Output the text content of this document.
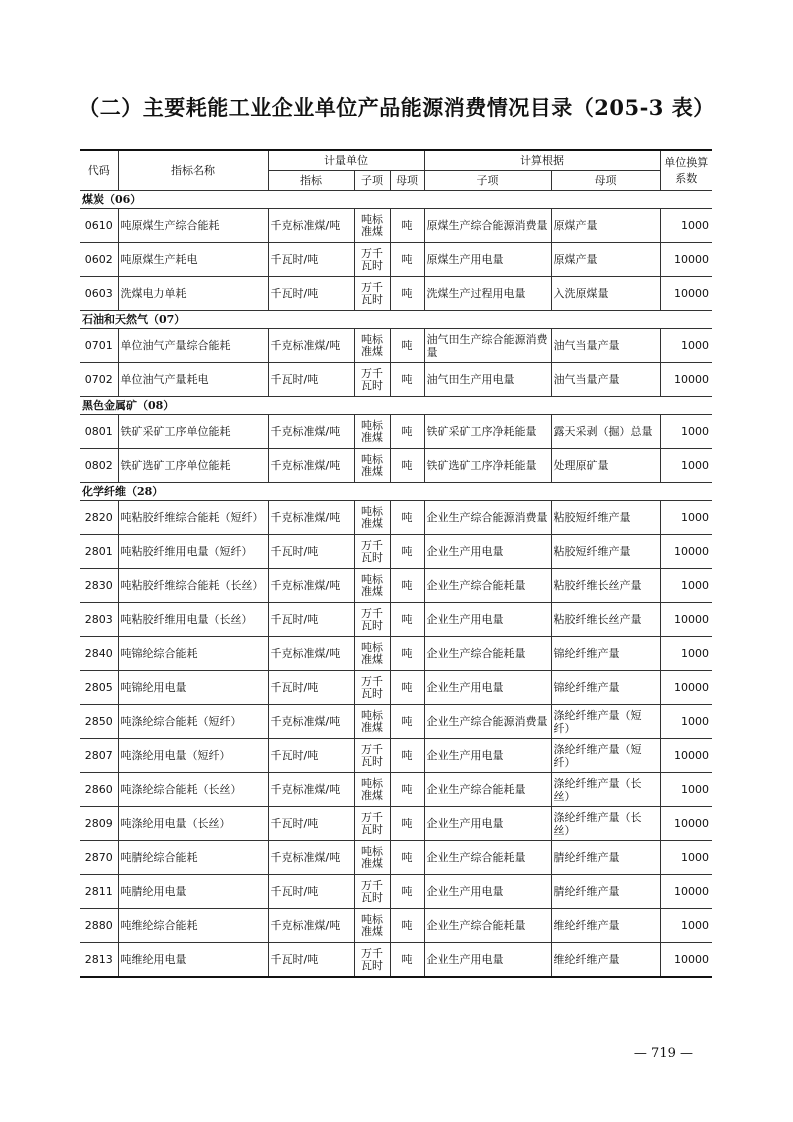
（二）主要耗能工业企业单位产品能源消费情况目录（205-3 表）
代码	指标名称	计量单位			计算根据		单位换算系数
		指标	子项	母项	子项	母项	
煤炭（06）							
0610	吨原煤生产综合能耗	千克标准煤/吨	吨标准煤	吨	原煤生产综合能源消费量	原煤产量	1000
0602	吨原煤生产耗电	千瓦时/吨	万千瓦时	吨	原煤生产用电量	原煤产量	10000
0603	洗煤电力单耗	千瓦时/吨	万千瓦时	吨	洗煤生产过程用电量	入洗原煤量	10000
石油和天然气（07）							
0701	单位油气产量综合能耗	千克标准煤/吨	吨标准煤	吨	油气田生产综合能源消费量	油气当量产量	1000
0702	单位油气产量耗电	千瓦时/吨	万千瓦时	吨	油气田生产用电量	油气当量产量	10000
黑色金属矿（08）							
0801	铁矿采矿工序单位能耗	千克标准煤/吨	吨标准煤	吨	铁矿采矿工序净耗能量	露天采剥（掘）总量	1000
0802	铁矿选矿工序单位能耗	千克标准煤/吨	吨标准煤	吨	铁矿选矿工序净耗能量	处理原矿量	1000
化学纤维（28）							
2820	吨粘胶纤维综合能耗（短纤）	千克标准煤/吨	吨标准煤	吨	企业生产综合能源消费量	粘胶短纤维产量	1000
2801	吨粘胶纤维用电量（短纤）	千瓦时/吨	万千瓦时	吨	企业生产用电量	粘胶短纤维产量	10000
2830	吨粘胶纤维综合能耗（长丝）	千克标准煤/吨	吨标准煤	吨	企业生产综合能耗量	粘胶纤维长丝产量	1000
2803	吨粘胶纤维用电量（长丝）	千瓦时/吨	万千瓦时	吨	企业生产用电量	粘胶纤维长丝产量	10000
2840	吨锦纶综合能耗	千克标准煤/吨	吨标准煤	吨	企业生产综合能耗量	锦纶纤维产量	1000
2805	吨锦纶用电量	千瓦时/吨	万千瓦时	吨	企业生产用电量	锦纶纤维产量	10000
2850	吨涤纶综合能耗（短纤）	千克标准煤/吨	吨标准煤	吨	企业生产综合能源消费量	涤纶纤维产量（短纤）	1000
2807	吨涤纶用电量（短纤）	千瓦时/吨	万千瓦时	吨	企业生产用电量	涤纶纤维产量（短纤）	10000
2860	吨涤纶综合能耗（长丝）	千克标准煤/吨	吨标准煤	吨	企业生产综合能耗量	涤纶纤维产量（长丝）	1000
2809	吨涤纶用电量（长丝）	千瓦时/吨	万千瓦时	吨	企业生产用电量	涤纶纤维产量（长丝）	10000
2870	吨腈纶综合能耗	千克标准煤/吨	吨标准煤	吨	企业生产综合能耗量	腈纶纤维产量	1000
2811	吨腈纶用电量	千瓦时/吨	万千瓦时	吨	企业生产用电量	腈纶纤维产量	10000
2880	吨维纶综合能耗	千克标准煤/吨	吨标准煤	吨	企业生产综合能耗量	维纶纤维产量	1000
2813	吨维纶用电量	千瓦时/吨	万千瓦时	吨	企业生产用电量	维纶纤维产量	10000
— 719 —
